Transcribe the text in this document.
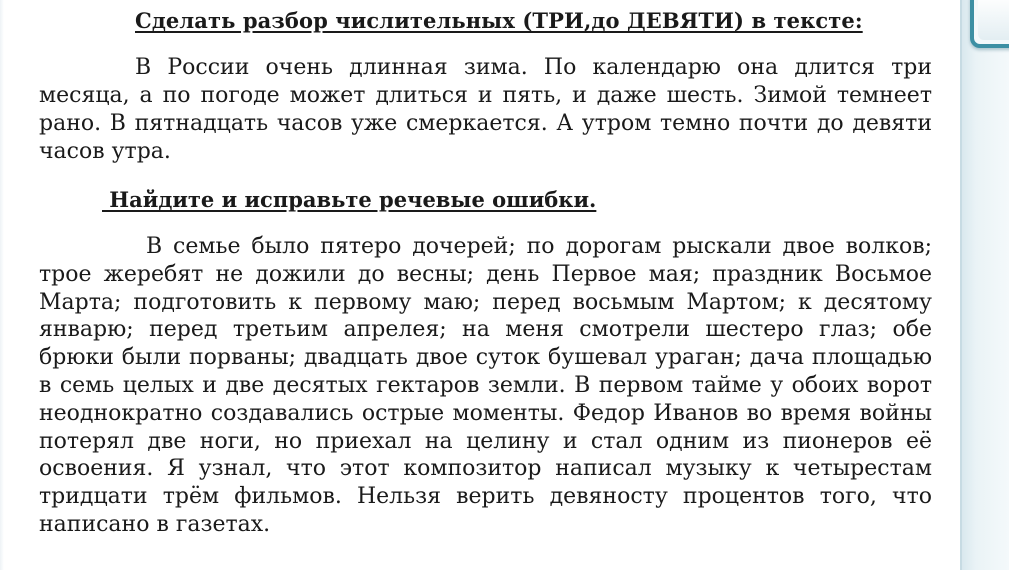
Сделать разбор числительных (ТРИ,до ДЕВЯТИ) в тексте:

В России очень длинная зима. По календарю она длится три месяца, а по погоде может длиться и пять, и даже шесть. Зимой темнеет рано. В пятнадцать часов уже смеркается. А утром темно почти до девяти часов утра.

Найдите и исправьте речевые ошибки.

В семье было пятеро дочерей; по дорогам рыскали двое волков; трое жеребят не дожили до весны; день Первое мая; праздник Восьмое Марта; подготовить к первому маю; перед восьмым Мартом; к десятому январю; перед третьим апрелея; на меня смотрели шестеро глаз; обе брюки были порваны; двадцать двое суток бушевал ураган; дача площадью в семь целых и две десятых гектаров земли. В первом тайме у обоих ворот неоднократно создавались острые моменты. Федор Иванов во время войны потерял две ноги, но приехал на целину и стал одним из пионеров её освоения. Я узнал, что этот композитор написал музыку к четырестам тридцати трём фильмов. Нельзя верить девяносту процентов того, что написано в газетах.
